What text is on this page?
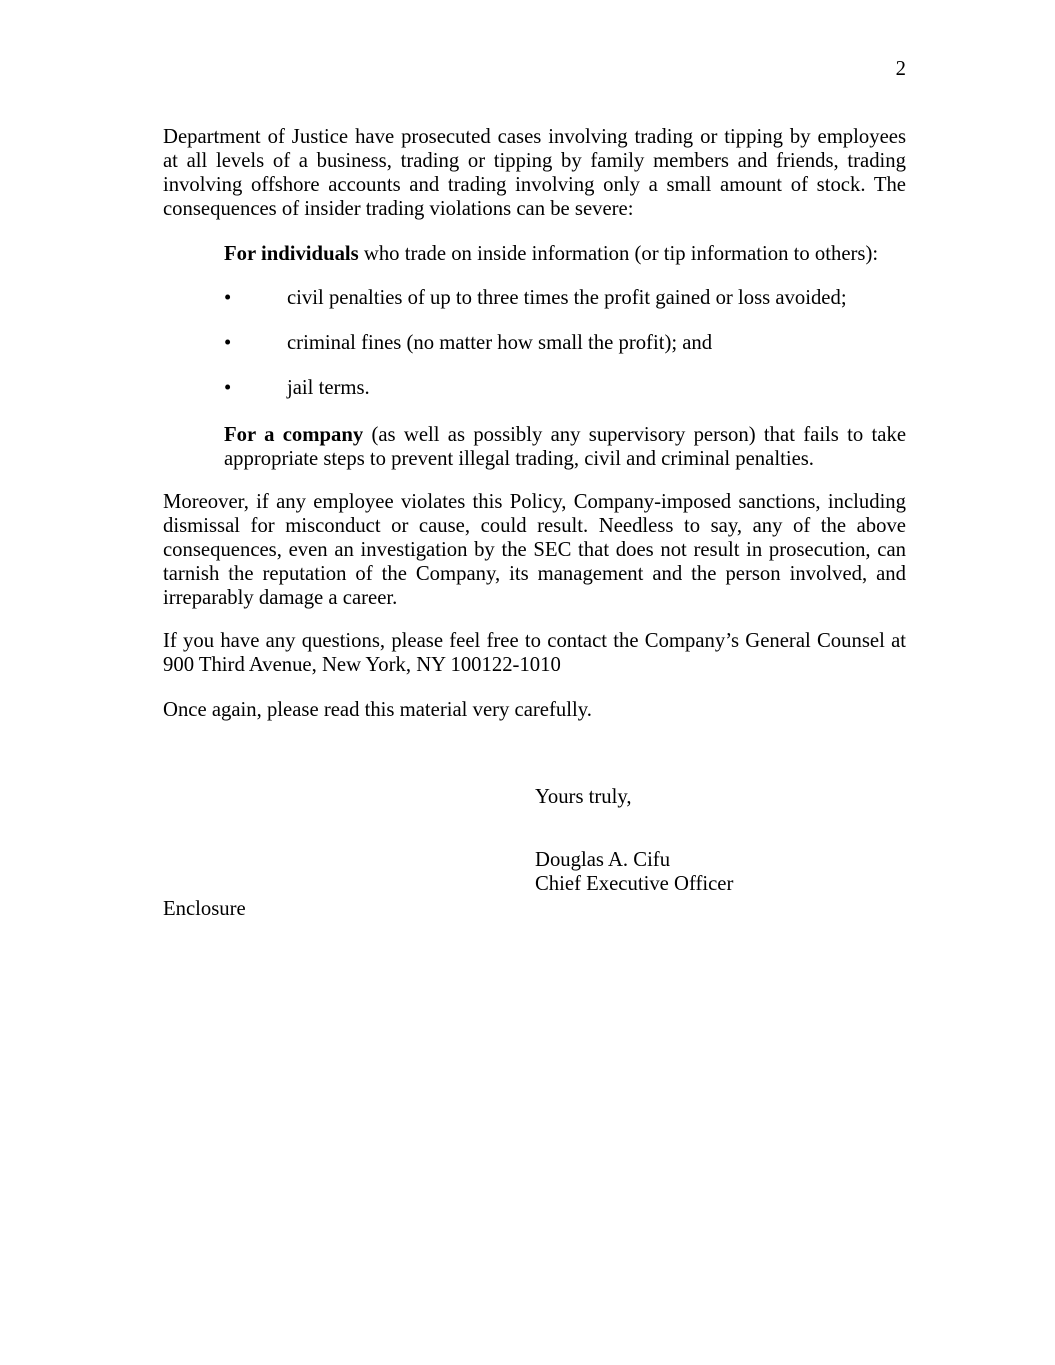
2

Department of Justice have prosecuted cases involving trading or tipping by employees at all levels of a business, trading or tipping by family members and friends, trading involving offshore accounts and trading involving only a small amount of stock. The consequences of insider trading violations can be severe:

For individuals who trade on inside information (or tip information to others):

•	civil penalties of up to three times the profit gained or loss avoided;
•	criminal fines (no matter how small the profit); and
•	jail terms.

For a company (as well as possibly any supervisory person) that fails to take appropriate steps to prevent illegal trading, civil and criminal penalties.

Moreover, if any employee violates this Policy, Company-imposed sanctions, including dismissal for misconduct or cause, could result. Needless to say, any of the above consequences, even an investigation by the SEC that does not result in prosecution, can tarnish the reputation of the Company, its management and the person involved, and irreparably damage a career.

If you have any questions, please feel free to contact the Company’s General Counsel at 900 Third Avenue, New York, NY 100122-1010

Once again, please read this material very carefully.

Yours truly,

Douglas A. Cifu
Chief Executive Officer

Enclosure
